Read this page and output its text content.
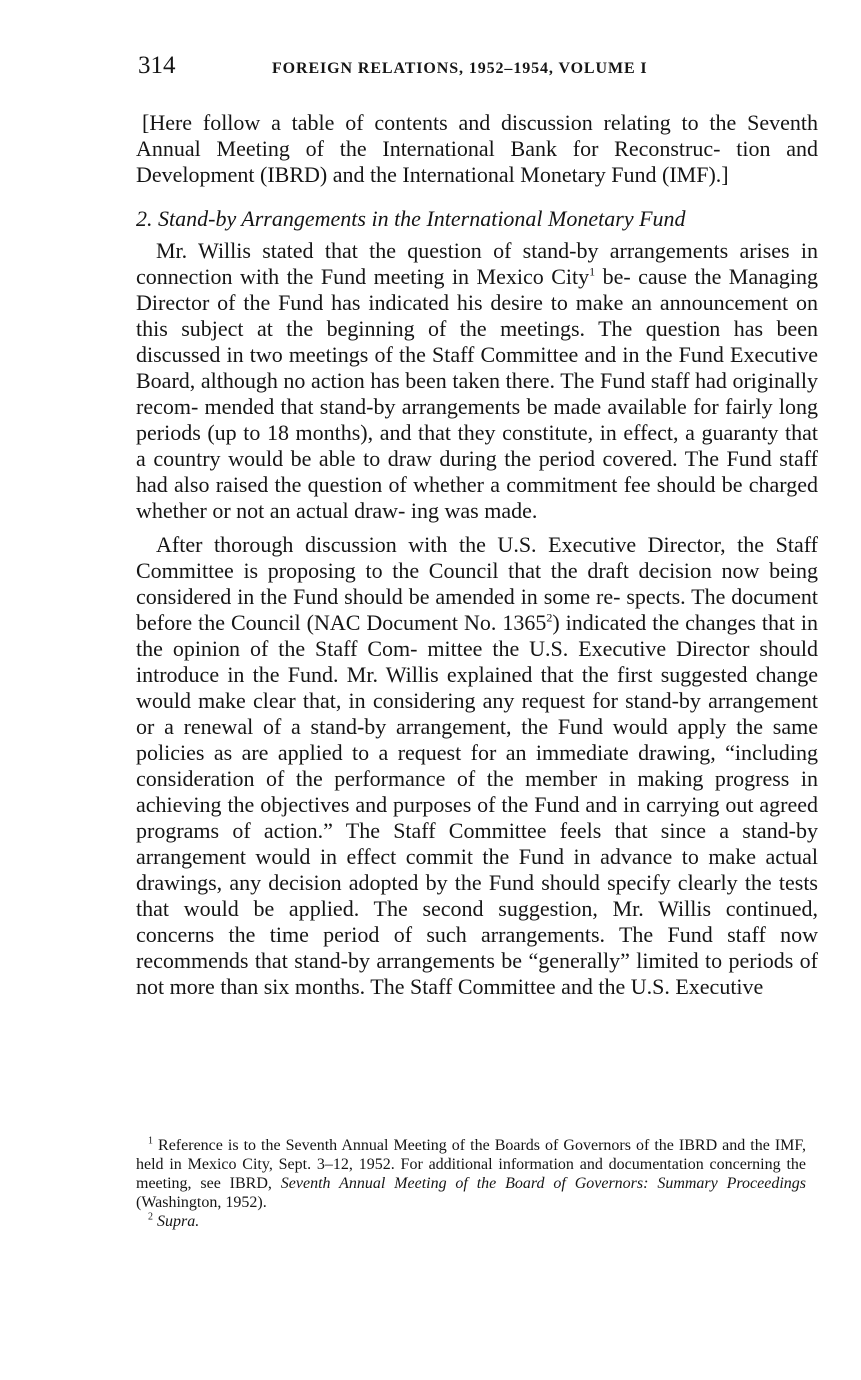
314	FOREIGN RELATIONS, 1952–1954, VOLUME I

[Here follow a table of contents and discussion relating to the Seventh Annual Meeting of the International Bank for Reconstruc- tion and Development (IBRD) and the International Monetary Fund (IMF).]

2. Stand-by Arrangements in the International Monetary Fund

Mr. Willis stated that the question of stand-by arrangements arises in connection with the Fund meeting in Mexico City$^1$ be- cause the Managing Director of the Fund has indicated his desire to make an announcement on this subject at the beginning of the meetings. The question has been discussed in two meetings of the Staff Committee and in the Fund Executive Board, although no action has been taken there. The Fund staff had originally recom- mended that stand-by arrangements be made available for fairly long periods (up to 18 months), and that they constitute, in effect, a guaranty that a country would be able to draw during the period covered. The Fund staff had also raised the question of whether a commitment fee should be charged whether or not an actual draw- ing was made.

After thorough discussion with the U.S. Executive Director, the Staff Committee is proposing to the Council that the draft decision now being considered in the Fund should be amended in some re- spects. The document before the Council (NAC Document No. 1365$^2$) indicated the changes that in the opinion of the Staff Com- mittee the U.S. Executive Director should introduce in the Fund. Mr. Willis explained that the first suggested change would make clear that, in considering any request for stand-by arrangement or a renewal of a stand-by arrangement, the Fund would apply the same policies as are applied to a request for an immediate drawing, “including consideration of the performance of the member in making progress in achieving the objectives and purposes of the Fund and in carrying out agreed programs of action.” The Staff Committee feels that since a stand-by arrangement would in effect commit the Fund in advance to make actual drawings, any decision adopted by the Fund should specify clearly the tests that would be applied. The second suggestion, Mr. Willis continued, concerns the time period of such arrangements. The Fund staff now recommends that stand-by arrangements be “generally” limited to periods of not more than six months. The Staff Committee and the U.S. Executive

$^1$ Reference is to the Seventh Annual Meeting of the Boards of Governors of the IBRD and the IMF, held in Mexico City, Sept. 3–12, 1952. For additional information and documentation concerning the meeting, see IBRD, Seventh Annual Meeting of the Board of Governors: Summary Proceedings (Washington, 1952).

$^2$ Supra.
